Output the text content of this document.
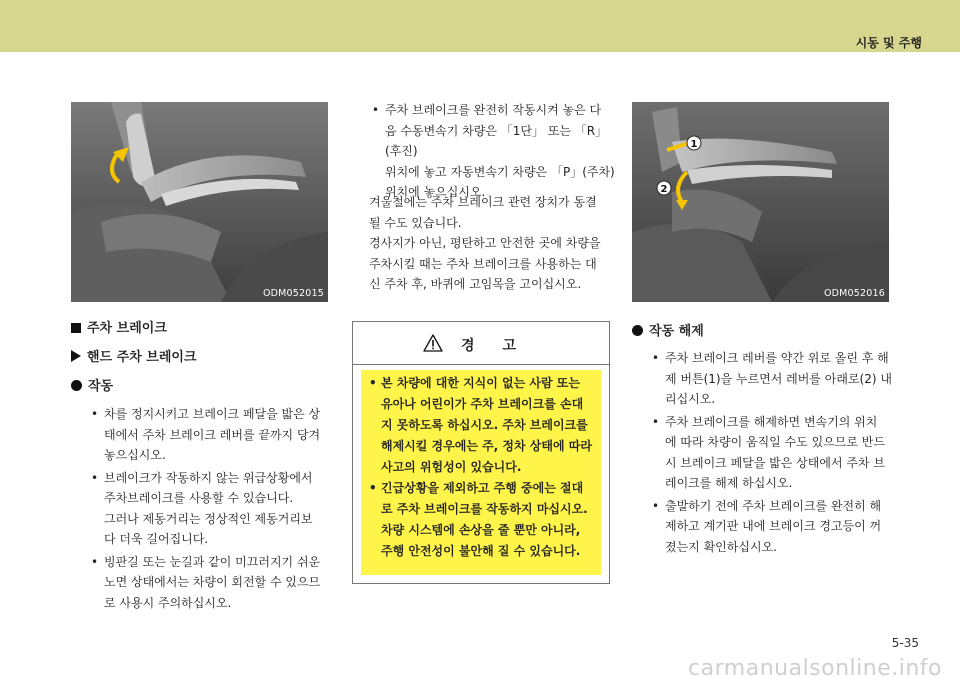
시동 및 주행
ODM052015
1
2
ODM052016
주차 브레이크
핸드 주차 브레이크
작동
• 차를 정지시키고 브레이크 페달을 밟은 상
태에서 주차 브레이크 레버를 끝까지 당겨
놓으십시오.
• 브레이크가 작동하지 않는 위급상황에서
주차브레이크를 사용할 수 있습니다.
그러나 제동거리는 정상적인 제동거리보
다 더욱 길어집니다.
• 빙판길 또는 눈길과 같이 미끄러지기 쉬운
노면 상태에서는 차량이 회전할 수 있으므
로 사용시 주의하십시오.
• 주차 브레이크를 완전히 작동시켜 놓은 다
음 수동변속기 차량은 「1단」 또는 「R」(후진)
위치에 놓고 자동변속기 차량은 「P」(주차)
위치에 놓으십시오.
겨울철에는 주차 브레이크 관련 장치가 동결
될 수도 있습니다.
경사지가 아닌, 평탄하고 안전한 곳에 차량을
주차시킬 때는 주차 브레이크를 사용하는 대
신 주차 후, 바퀴에 고임목을 고이십시오.
경고
• 본 차량에 대한 지식이 없는 사람 또는
유아나 어린이가 주차 브레이크를 손대
지 못하도록 하십시오. 주차 브레이크를
해제시킬 경우에는 주, 정차 상태에 따라
사고의 위험성이 있습니다.
• 긴급상황을 제외하고 주행 중에는 절대
로 주차 브레이크를 작동하지 마십시오.
차량 시스템에 손상을 줄 뿐만 아니라,
주행 안전성이 불안해 질 수 있습니다.
작동 해제
• 주차 브레이크 레버를 약간 위로 올린 후 해
제 버튼(1)을 누르면서 레버를 아래로(2) 내
리십시오.
• 주차 브레이크를 해제하면 변속기의 위치
에 따라 차량이 움직일 수도 있으므로 반드
시 브레이크 페달을 밟은 상태에서 주차 브
레이크를 해제 하십시오.
• 출발하기 전에 주차 브레이크를 완전히 해
제하고 계기판 내에 브레이크 경고등이 꺼
졌는지 확인하십시오.
5-35
carmanualsonline.info
